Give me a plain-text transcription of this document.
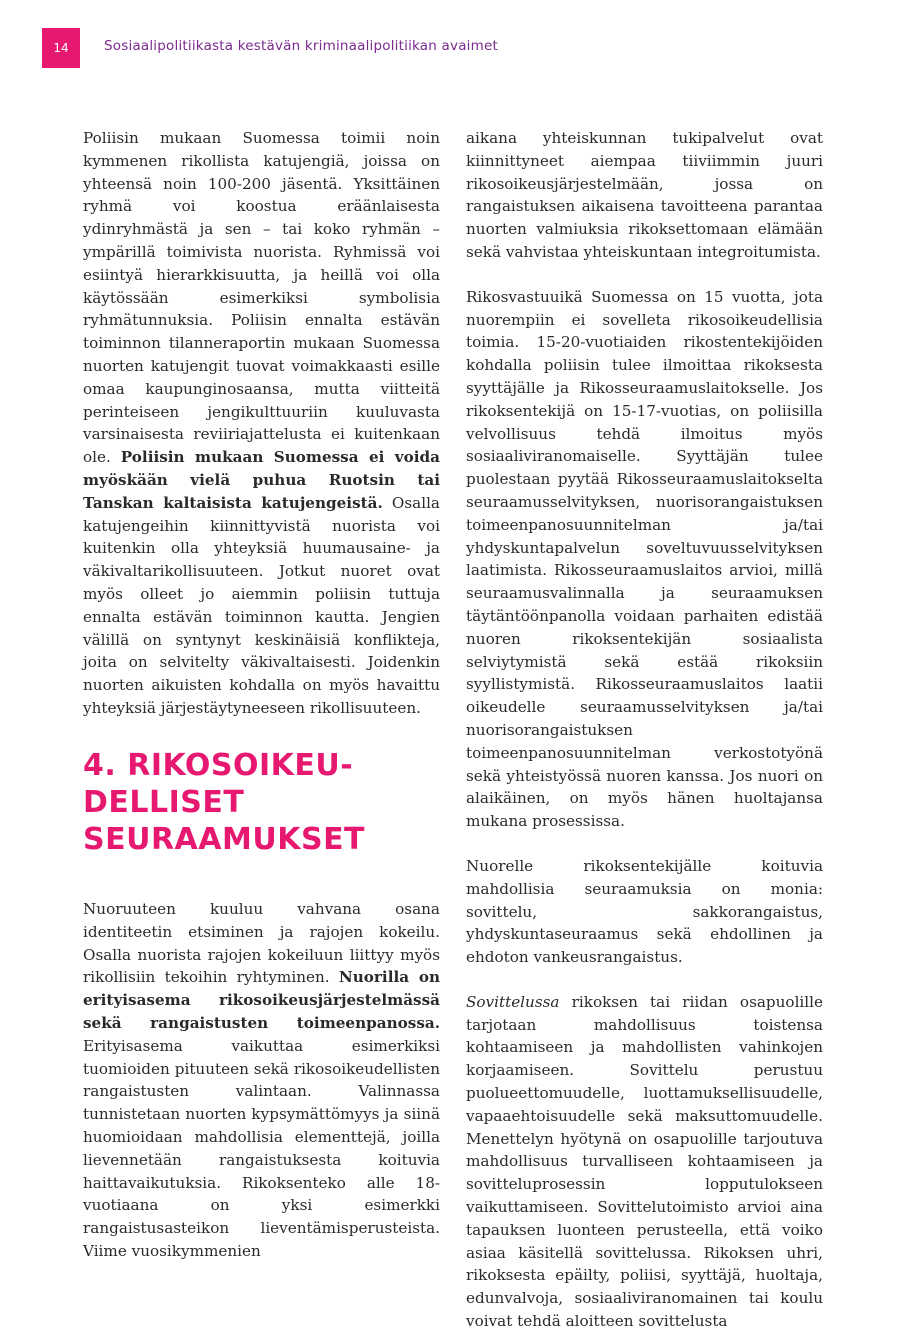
14	Sosiaalipolitiikasta kestävän kriminaalipolitiikan avaimet

Poliisin mukaan Suomessa toimii noin kymmenen rikollista katujengiä, joissa on yhteensä noin 100-200 jäsentä. Yksittäinen ryhmä voi koostua eräänlaisesta ydinryhmästä ja sen – tai koko ryhmän – ympärillä toimivista nuorista. Ryhmissä voi esiintyä hierarkkisuutta, ja heillä voi olla käytössään esimerkiksi symbolisia ryhmätunnuksia. Poliisin ennalta estävän toiminnon tilanneraportin mukaan Suomessa nuorten katujengit tuovat voimakkaasti esille omaa kaupunginosaansa, mutta viitteitä perinteiseen jengikulttuuriin kuuluvasta varsinaisesta reviiriajattelusta ei kuitenkaan ole. Poliisin mukaan Suomessa ei voida myöskään vielä puhua Ruotsin tai Tanskan kaltaisista katujengeistä. Osalla katujengeihin kiinnittyvistä nuorista voi kuitenkin olla yhteyksiä huumausaine- ja väkivaltarikollisuuteen. Jotkut nuoret ovat myös olleet jo aiemmin poliisin tuttuja ennalta estävän toiminnon kautta. Jengien välillä on syntynyt keskinäisiä konflikteja, joita on selvitelty väkivaltaisesti. Joidenkin nuorten aikuisten kohdalla on myös havaittu yhteyksiä järjestäytyneeseen rikollisuuteen.

4. RIKOSOIKEU-
DELLISET
SEURAAMUKSET

Nuoruuteen kuuluu vahvana osana identiteetin etsiminen ja rajojen kokeilu. Osalla nuorista rajojen kokeiluun liittyy myös rikollisiin tekoihin ryhtyminen. Nuorilla on erityisasema rikosoikeusjärjestelmässä sekä rangaistusten toimeenpanossa. Erityisasema vaikuttaa esimerkiksi tuomioiden pituuteen sekä rikosoikeudellisten rangaistusten valintaan. Valinnassa tunnistetaan nuorten kypsymättömyys ja siinä huomioidaan mahdollisia elementtejä, joilla lievennetään rangaistuksesta koituvia haittavaikutuksia. Rikoksenteko alle 18-vuotiaana on yksi esimerkki rangaistusasteikon lieventämisperusteista. Viime vuosikymmenien

aikana yhteiskunnan tukipalvelut ovat kiinnittyneet aiempaa tiiviimmin juuri rikosoikeusjärjestelmään, jossa on rangaistuksen aikaisena tavoitteena parantaa nuorten valmiuksia rikoksettomaan elämään sekä vahvistaa yhteiskuntaan integroitumista.

Rikosvastuuikä Suomessa on 15 vuotta, jota nuorempiin ei sovelleta rikosoikeudellisia toimia. 15-20-vuotiaiden rikostentekijöiden kohdalla poliisin tulee ilmoittaa rikoksesta syyttäjälle ja Rikosseuraamuslaitokselle. Jos rikoksentekijä on 15-17-vuotias, on poliisilla velvollisuus tehdä ilmoitus myös sosiaaliviranomaiselle. Syyttäjän tulee puolestaan pyytää Rikosseuraamuslaitokselta seuraamusselvityksen, nuorisorangaistuksen toimeenpanosuunnitelman ja/tai yhdyskuntapalvelun soveltuvuusselvityksen laatimista. Rikosseuraamuslaitos arvioi, millä seuraamusvalinnalla ja seuraamuksen täytäntöönpanolla voidaan parhaiten edistää nuoren rikoksentekijän sosiaalista selviytymistä sekä estää rikoksiin syyllistymistä. Rikosseuraamuslaitos laatii oikeudelle seuraamusselvityksen ja/tai nuorisorangaistuksen toimeenpanosuunnitelman verkostotyönä sekä yhteistyössä nuoren kanssa. Jos nuori on alaikäinen, on myös hänen huoltajansa mukana prosessissa.

Nuorelle rikoksentekijälle koituvia mahdollisia seuraamuksia on monia: sovittelu, sakkorangaistus, yhdyskuntaseuraamus sekä ehdollinen ja ehdoton vankeusrangaistus.

Sovittelussa rikoksen tai riidan osapuolille tarjotaan mahdollisuus toistensa kohtaamiseen ja mahdollisten vahinkojen korjaamiseen. Sovittelu perustuu puolueettomuudelle, luottamuksellisuudelle, vapaaehtoisuudelle sekä maksuttomuudelle. Menettelyn hyötynä on osapuolille tarjoutuva mahdollisuus turvalliseen kohtaamiseen ja sovitteluprosessin lopputulokseen vaikuttamiseen. Sovittelutoimisto arvioi aina tapauksen luonteen perusteella, että voiko asiaa käsitellä sovittelussa. Rikoksen uhri, rikoksesta epäilty, poliisi, syyttäjä, huoltaja, edunvalvoja, sosiaaliviranomainen tai koulu voivat tehdä aloitteen sovittelusta
